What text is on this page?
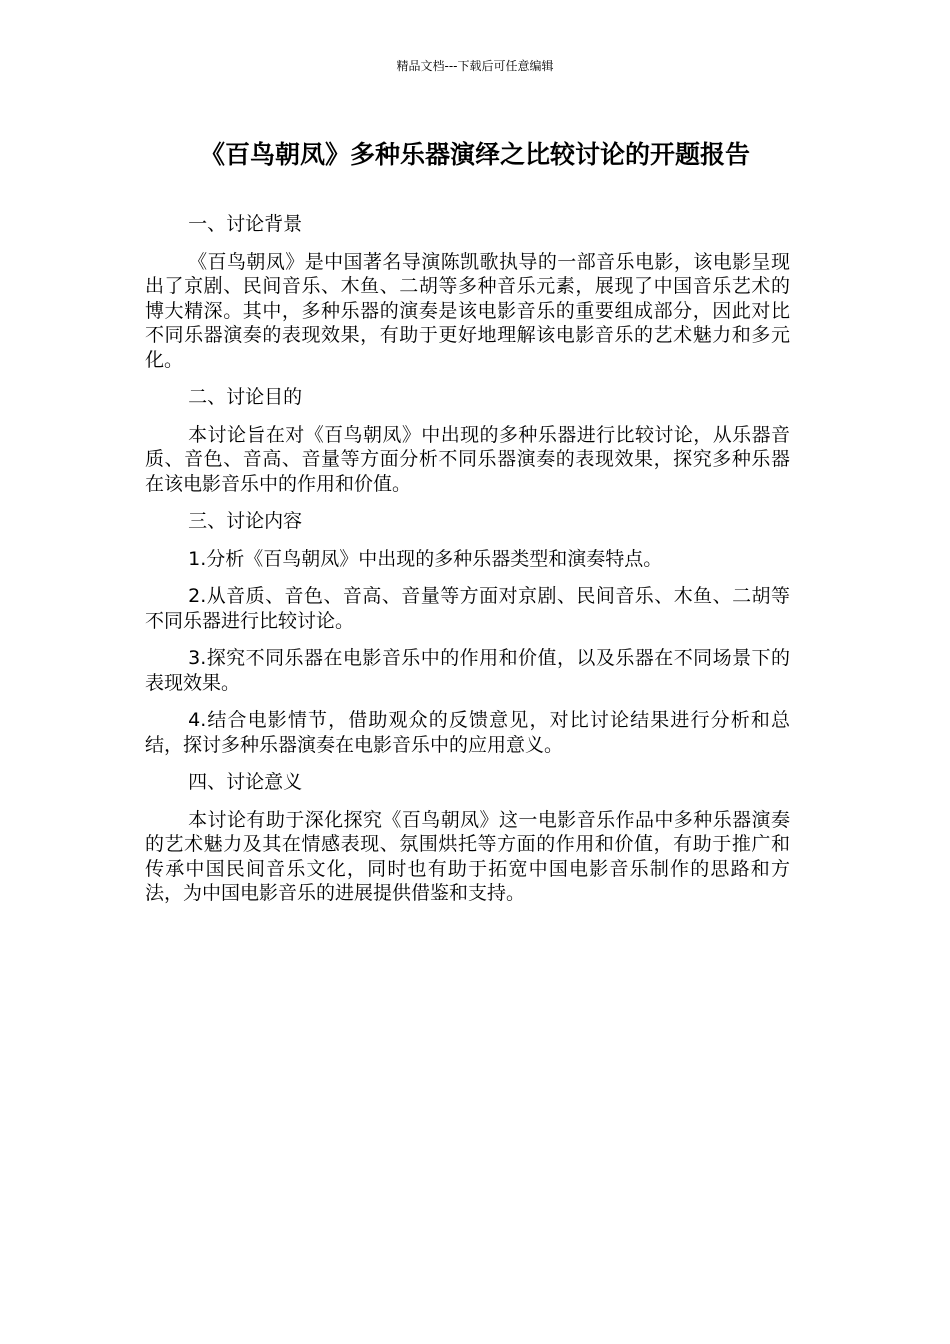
精品文档---下载后可任意编辑
《百鸟朝凤》多种乐器演绎之比较讨论的开题报告

一、讨论背景

《百鸟朝凤》是中国著名导演陈凯歌执导的一部音乐电影，该电影呈现出了京剧、民间音乐、木鱼、二胡等多种音乐元素，展现了中国音乐艺术的博大精深。其中，多种乐器的演奏是该电影音乐的重要组成部分，因此对比不同乐器演奏的表现效果，有助于更好地理解该电影音乐的艺术魅力和多元化。

二、讨论目的

本讨论旨在对《百鸟朝凤》中出现的多种乐器进行比较讨论，从乐器音质、音色、音高、音量等方面分析不同乐器演奏的表现效果，探究多种乐器在该电影音乐中的作用和价值。

三、讨论内容

1.分析《百鸟朝凤》中出现的多种乐器类型和演奏特点。

2.从音质、音色、音高、音量等方面对京剧、民间音乐、木鱼、二胡等不同乐器进行比较讨论。

3.探究不同乐器在电影音乐中的作用和价值，以及乐器在不同场景下的表现效果。

4.结合电影情节，借助观众的反馈意见，对比讨论结果进行分析和总结，探讨多种乐器演奏在电影音乐中的应用意义。

四、讨论意义

本讨论有助于深化探究《百鸟朝凤》这一电影音乐作品中多种乐器演奏的艺术魅力及其在情感表现、氛围烘托等方面的作用和价值，有助于推广和传承中国民间音乐文化，同时也有助于拓宽中国电影音乐制作的思路和方法，为中国电影音乐的进展提供借鉴和支持。
